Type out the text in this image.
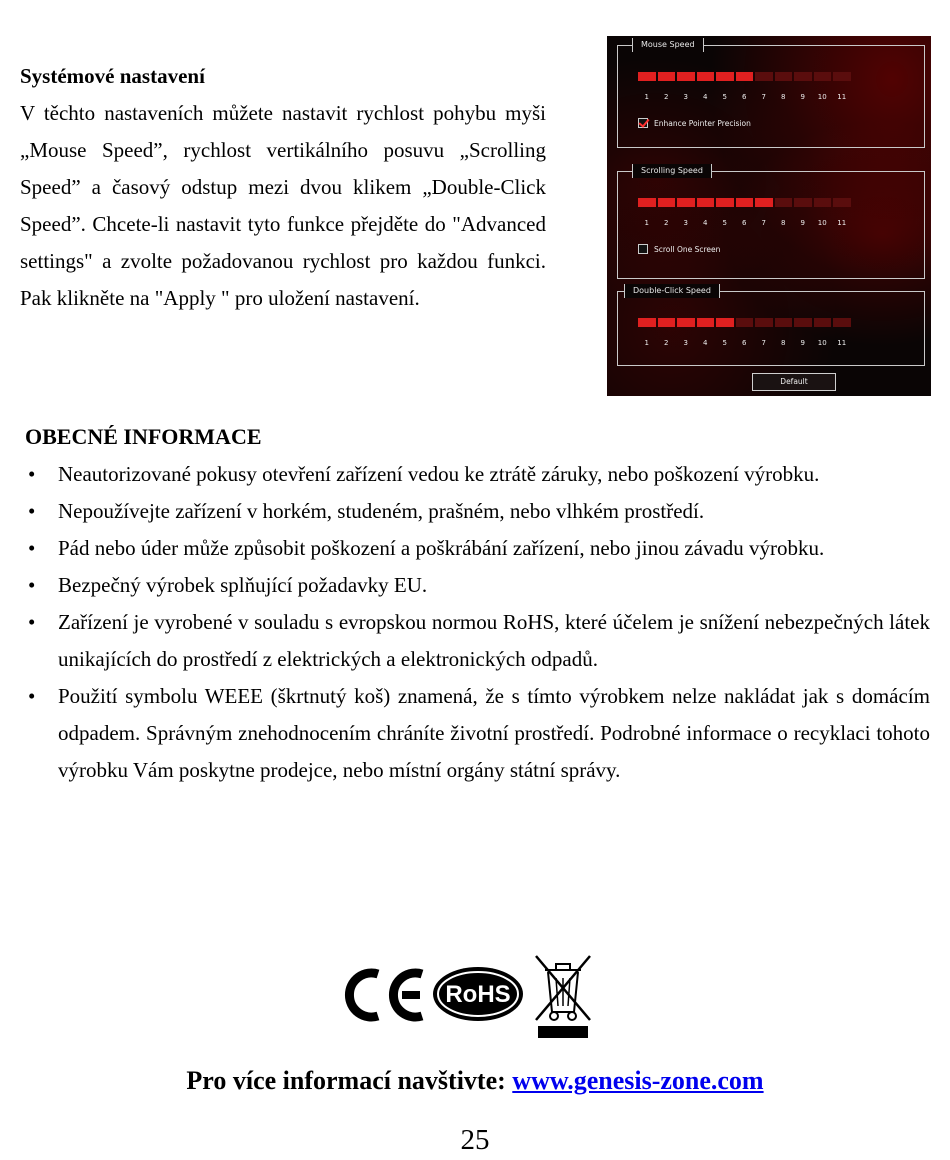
Systémové nastavení

V těchto nastaveních můžete nastavit rychlost pohybu myši „Mouse Speed”, rychlost vertikálního posuvu „Scrolling Speed” a časový odstup mezi dvou klikem „Double-Click Speed”. Chcete-li nastavit tyto funkce přejděte do "Advanced settings" a zvolte požadovanou rychlost pro každou funkci. Pak klikněte na "Apply " pro uložení nastavení.

Mouse Speed
1	2	3	4	5	6	7	8	9	10	11
Enhance Pointer Precision
Scrolling Speed
1	2	3	4	5	6	7	8	9	10	11
Scroll One Screen
Double-Click Speed
1	2	3	4	5	6	7	8	9	10	11
Default
OBECNÉ INFORMACE
• Neautorizované pokusy otevření zařízení vedou ke ztrátě záruky, nebo poškození výrobku.
• Nepoužívejte zařízení v horkém, studeném, prašném, nebo vlhkém prostředí.
• Pád nebo úder může způsobit poškození a poškrábání zařízení, nebo jinou závadu výrobku.
• Bezpečný výrobek splňující požadavky EU.
• Zařízení je vyrobené v souladu s evropskou normou RoHS, které účelem je snížení nebezpečných látek unikajících do prostředí z elektrických a elektronických odpadů.
• Použití symbolu WEEE (škrtnutý koš) znamená, že s tímto výrobkem nelze nakládat jak s domácím odpadem. Správným znehodnocením chráníte životní prostředí. Podrobné informace o recyklaci tohoto výrobku Vám poskytne prodejce, nebo místní orgány státní správy.
RoHS
Pro více informací navštivte: www.genesis-zone.com
25
